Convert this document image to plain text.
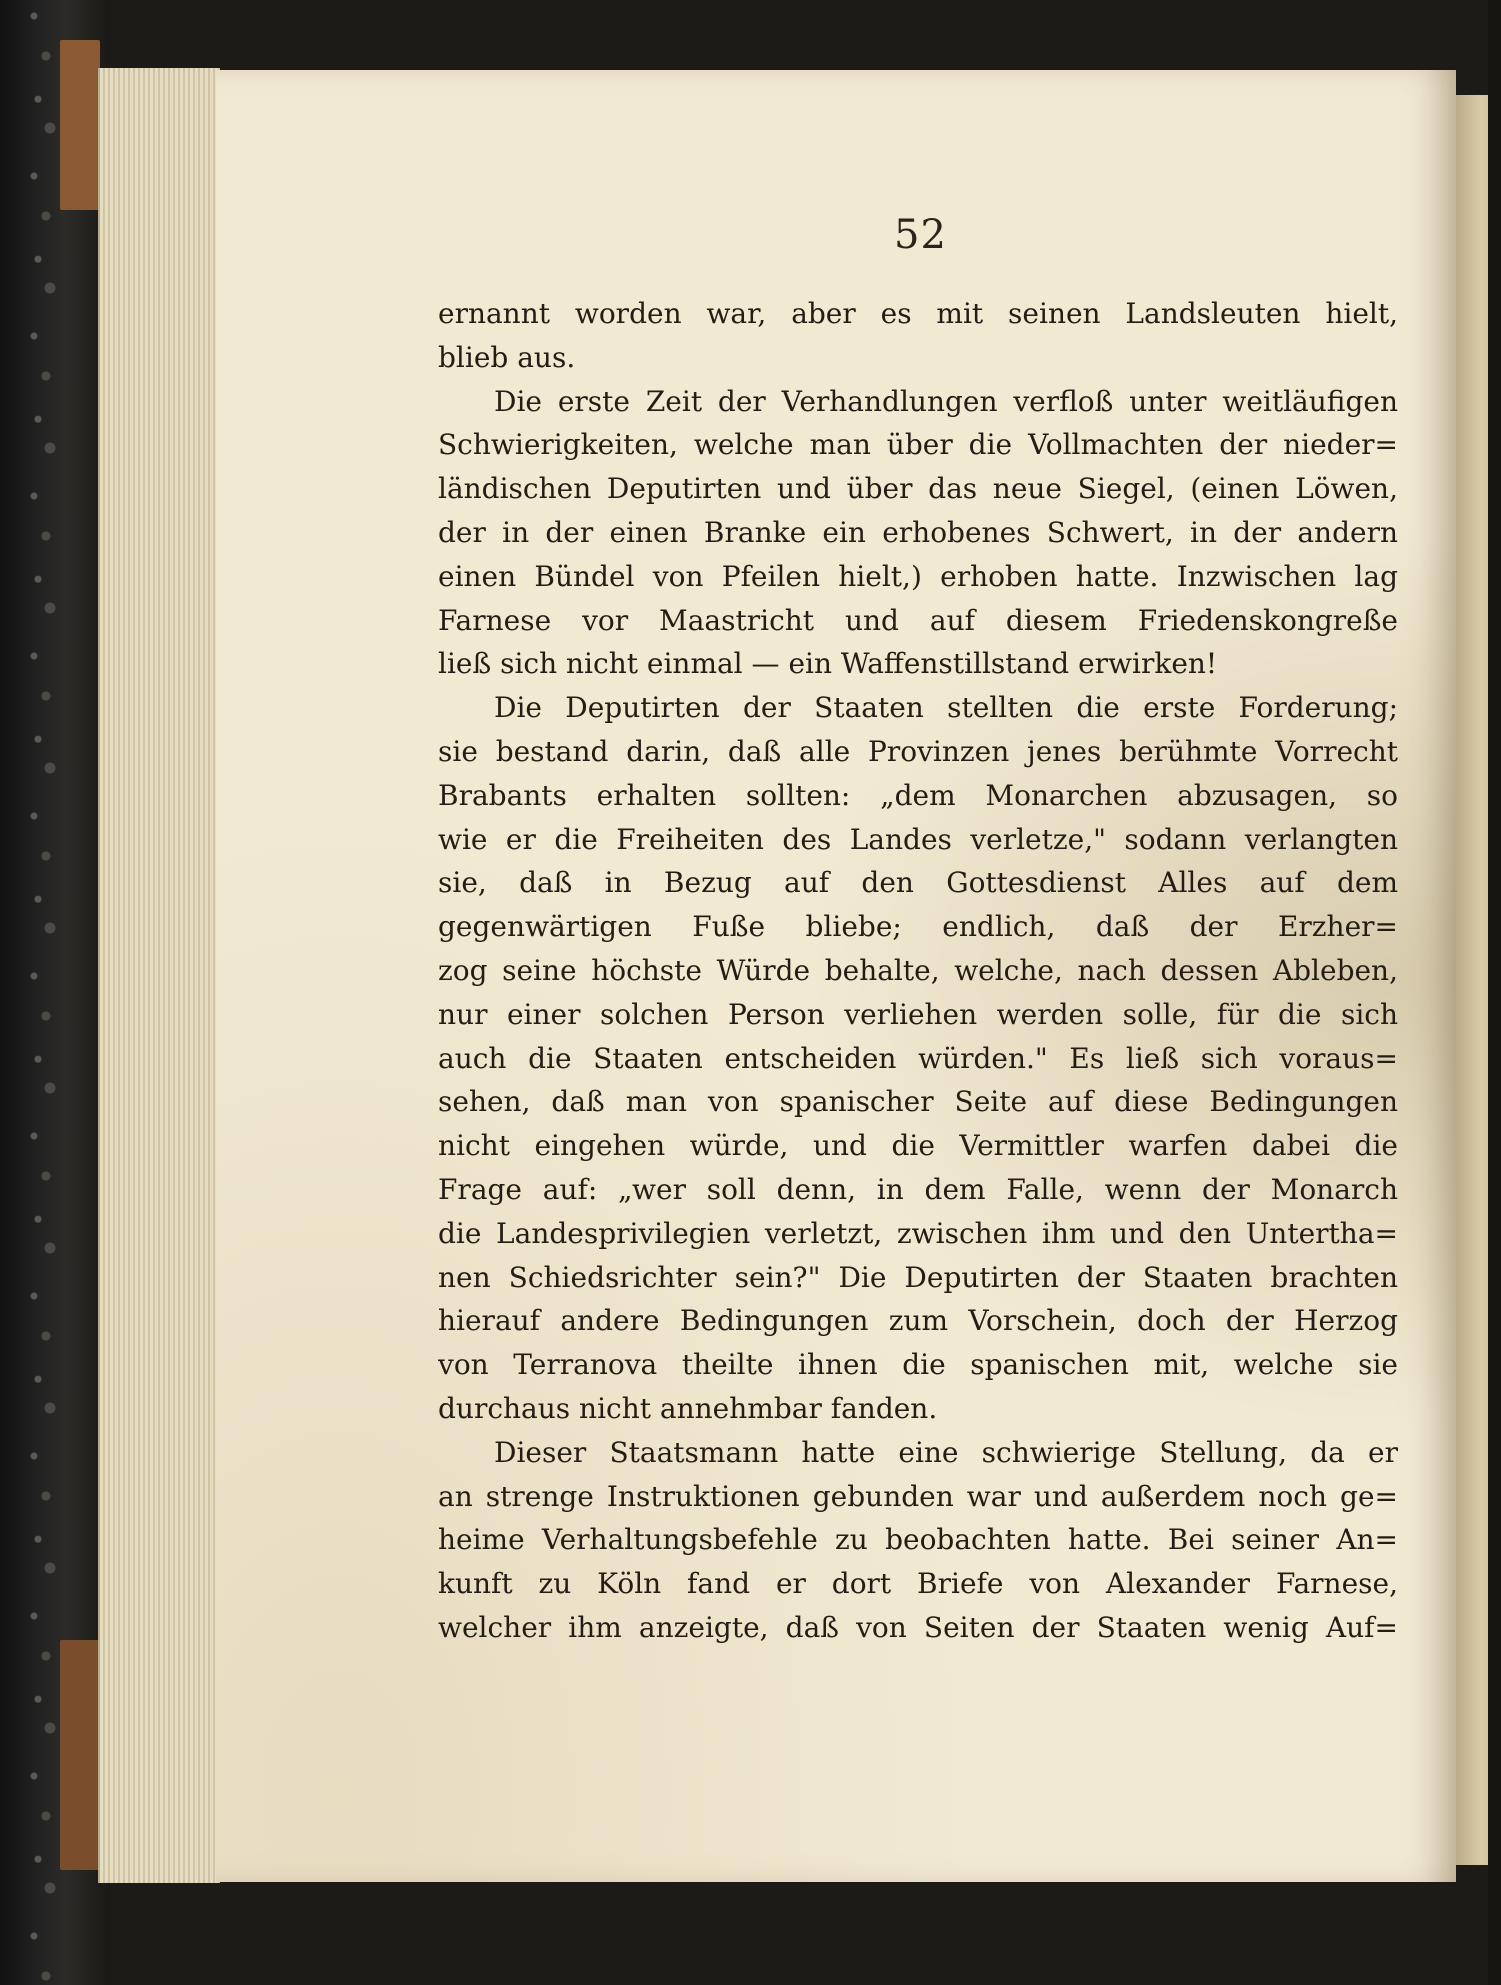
52
ernannt worden war, aber es mit seinen Landsleuten hielt,
blieb aus.
Die erste Zeit der Verhandlungen verfloß unter weitläufigen
Schwierigkeiten, welche man über die Vollmachten der nieder=
ländischen Deputirten und über das neue Siegel, (einen Löwen,
der in der einen Branke ein erhobenes Schwert, in der andern
einen Bündel von Pfeilen hielt,) erhoben hatte. Inzwischen lag
Farnese vor Maastricht und auf diesem Friedenskongreße
ließ sich nicht einmal — ein Waffenstillstand erwirken!
Die Deputirten der Staaten stellten die erste Forderung;
sie bestand darin, daß alle Provinzen jenes berühmte Vorrecht
Brabants erhalten sollten: „dem Monarchen abzusagen, so
wie er die Freiheiten des Landes verletze," sodann verlangten
sie, daß in Bezug auf den Gottesdienst Alles auf dem
gegenwärtigen Fuße bliebe; endlich, daß der Erzher=
zog seine höchste Würde behalte, welche, nach dessen Ableben,
nur einer solchen Person verliehen werden solle, für die sich
auch die Staaten entscheiden würden." Es ließ sich voraus=
sehen, daß man von spanischer Seite auf diese Bedingungen
nicht eingehen würde, und die Vermittler warfen dabei die
Frage auf: „wer soll denn, in dem Falle, wenn der Monarch
die Landesprivilegien verletzt, zwischen ihm und den Untertha=
nen Schiedsrichter sein?" Die Deputirten der Staaten brachten
hierauf andere Bedingungen zum Vorschein, doch der Herzog
von Terranova theilte ihnen die spanischen mit, welche sie
durchaus nicht annehmbar fanden.
Dieser Staatsmann hatte eine schwierige Stellung, da er
an strenge Instruktionen gebunden war und außerdem noch ge=
heime Verhaltungsbefehle zu beobachten hatte. Bei seiner An=
kunft zu Köln fand er dort Briefe von Alexander Farnese,
welcher ihm anzeigte, daß von Seiten der Staaten wenig Auf=
